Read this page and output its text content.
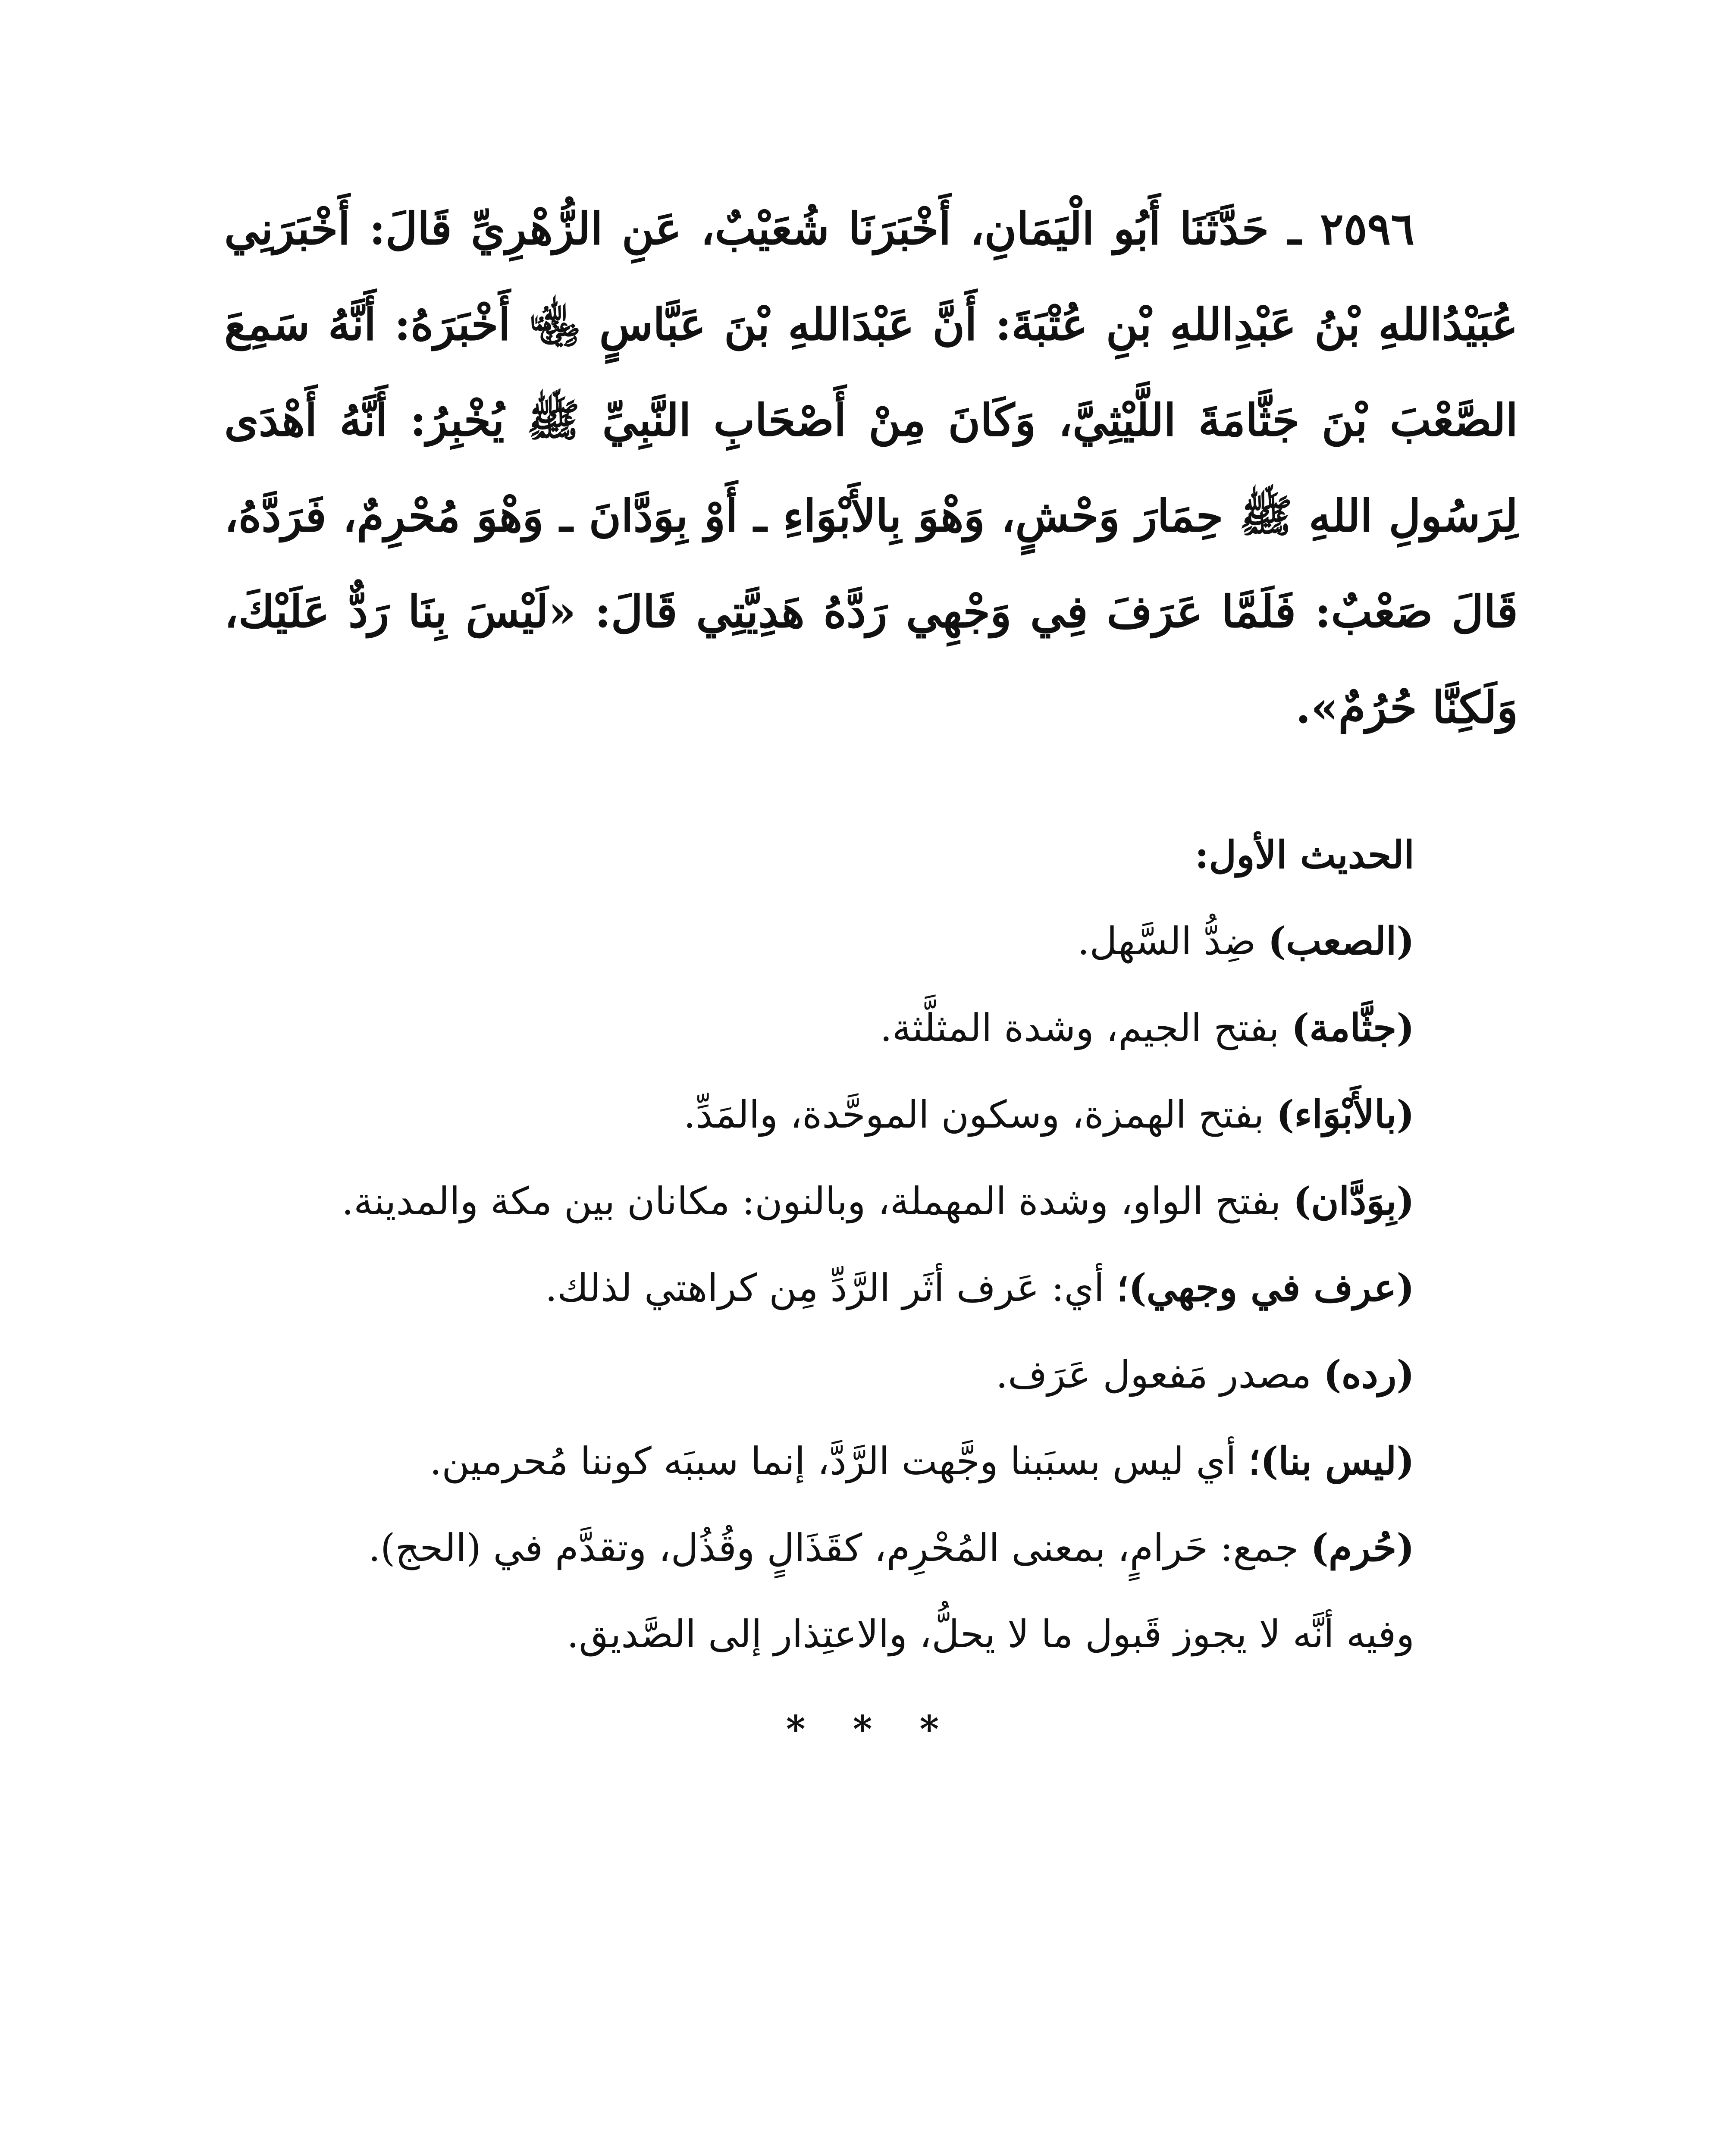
٢٥٩٦ ـ حَدَّثَنَا أَبُو الْيَمَانِ، أَخْبَرَنَا شُعَيْبٌ، عَنِ الزُّهْرِيِّ قَالَ: أَخْبَرَنِي عُبَيْدُاللهِ بْنُ عَبْدِاللهِ بْنِ عُتْبَةَ: أَنَّ عَبْدَاللهِ بْنَ عَبَّاسٍ ﵄ أَخْبَرَهُ: أَنَّهُ سَمِعَ الصَّعْبَ بْنَ جَثَّامَةَ اللَّيْثِيَّ، وَكَانَ مِنْ أَصْحَابِ النَّبِيِّ ﷺ يُخْبِرُ: أَنَّهُ أَهْدَى لِرَسُولِ اللهِ ﷺ حِمَارَ وَحْشٍ، وَهْوَ بِالأَبْوَاءِ ـ أَوْ بِوَدَّانَ ـ وَهْوَ مُحْرِمٌ، فَرَدَّهُ، قَالَ صَعْبٌ: فَلَمَّا عَرَفَ فِي وَجْهِي رَدَّهُ هَدِيَّتِي قَالَ: «لَيْسَ بِنَا رَدٌّ عَلَيْكَ، وَلَكِنَّا حُرُمٌ».

الحديث الأول:

(الصعب) ضِدُّ السَّهل.

(جثَّامة) بفتح الجيم، وشدة المثلَّثة.

(بالأَبْوَاء) بفتح الهمزة، وسكون الموحَّدة، والمَدِّ.

(بِوَدَّان) بفتح الواو، وشدة المهملة، وبالنون: مكانان بين مكة والمدينة.

(عرف في وجهي)؛ أي: عَرف أثَر الرَّدِّ مِن كراهتي لذلك.

(رده) مصدر مَفعول عَرَف.

(ليس بنا)؛ أي ليس بسبَبنا وجَّهت الرَّدَّ، إنما سببَه كوننا مُحرمين.

(حُرم) جمع: حَرامٍ، بمعنى المُحْرِم، كقَذَالٍ وقُذُل، وتقدَّم في (الحج).

وفيه أنَّه لا يجوز قَبول ما لا يحلُّ، والاعتِذار إلى الصَّديق.

* * *
